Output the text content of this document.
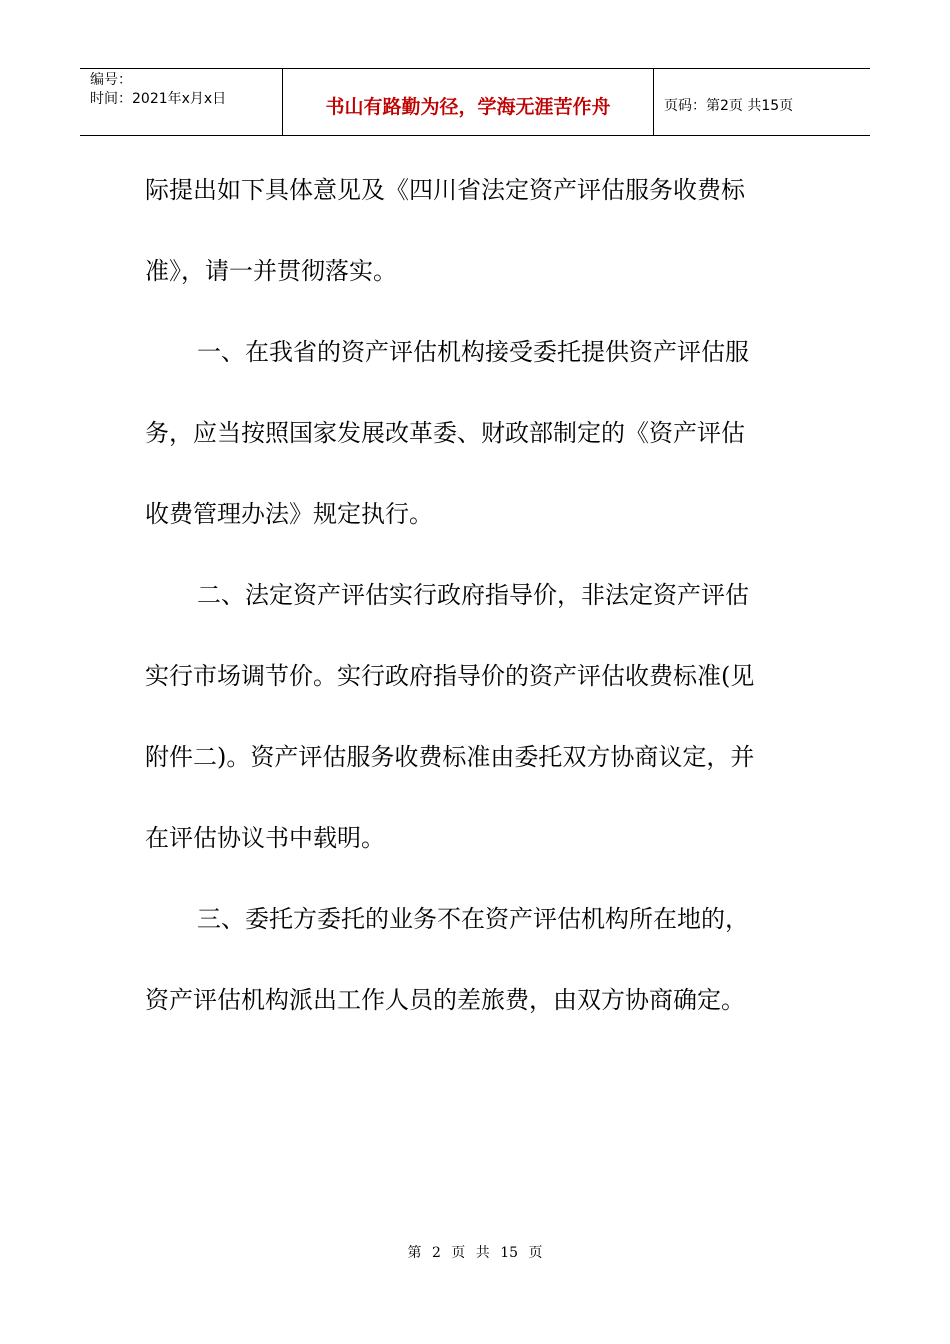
编号：
时间：2021年x月x日	书山有路勤为径，学海无涯苦作舟	页码：第2页 共15页
际提出如下具体意见及《四川省法定资产评估服务收费标
准》，请一并贯彻落实。
一、在我省的资产评估机构接受委托提供资产评估服
务，应当按照国家发展改革委、财政部制定的《资产评估
收费管理办法》规定执行。
二、法定资产评估实行政府指导价，非法定资产评估
实行市场调节价。实行政府指导价的资产评估收费标准(见
附件二)。资产评估服务收费标准由委托双方协商议定，并
在评估协议书中载明。
三、委托方委托的业务不在资产评估机构所在地的，
资产评估机构派出工作人员的差旅费，由双方协商确定。
第 2 页 共 15 页
